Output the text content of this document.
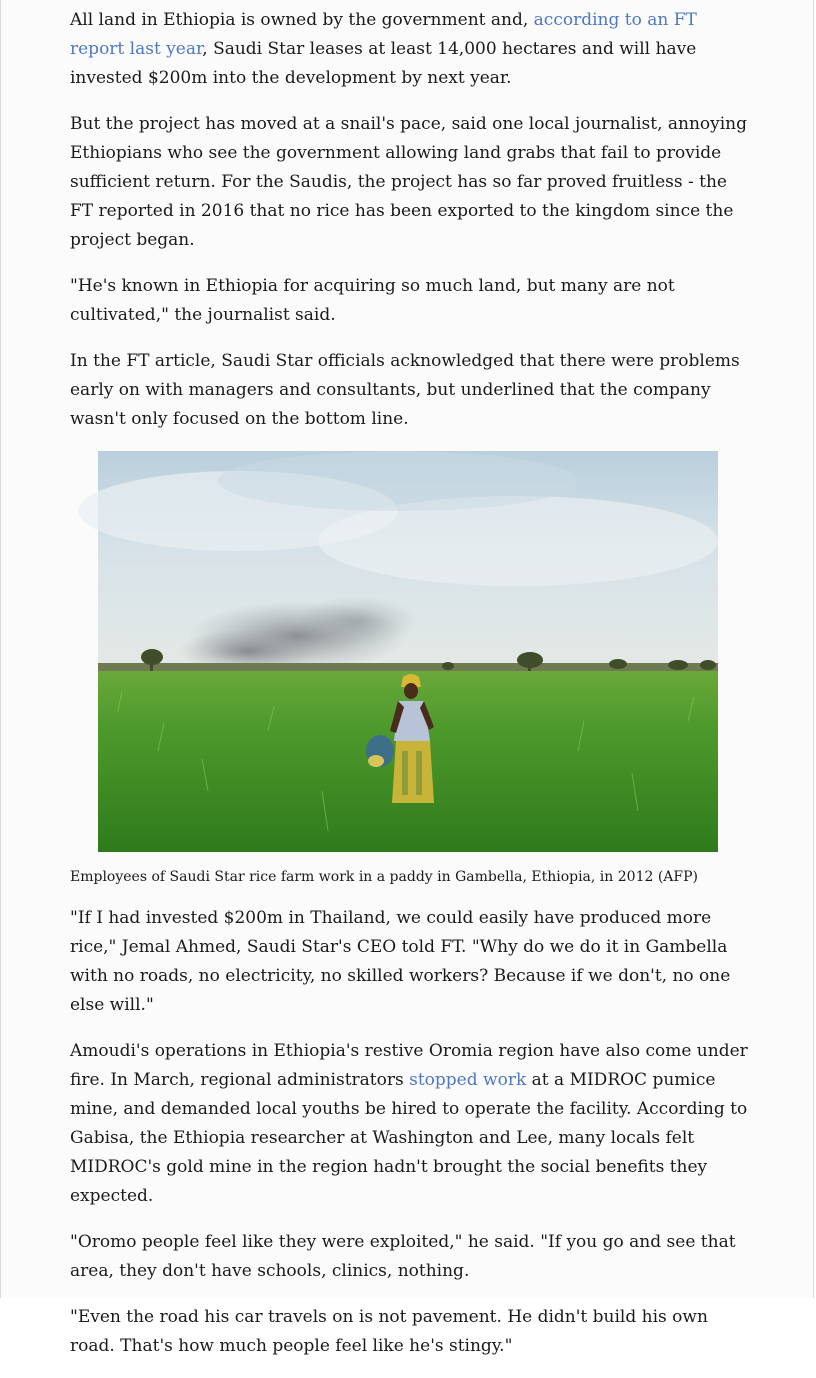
All land in Ethiopia is owned by the government and, according to an FT report last year, Saudi Star leases at least 14,000 hectares and will have invested $200m into the development by next year.

But the project has moved at a snail's pace, said one local journalist, annoying Ethiopians who see the government allowing land grabs that fail to provide sufficient return. For the Saudis, the project has so far proved fruitless - the FT reported in 2016 that no rice has been exported to the kingdom since the project began.

"He's known in Ethiopia for acquiring so much land, but many are not cultivated," the journalist said.

In the FT article, Saudi Star officials acknowledged that there were problems early on with managers and consultants, but underlined that the company wasn't only focused on the bottom line.

Employees of Saudi Star rice farm work in a paddy in Gambella, Ethiopia, in 2012 (AFP)

"If I had invested $200m in Thailand, we could easily have produced more rice," Jemal Ahmed, Saudi Star's CEO told FT. "Why do we do it in Gambella with no roads, no electricity, no skilled workers? Because if we don't, no one else will."

Amoudi's operations in Ethiopia's restive Oromia region have also come under fire. In March, regional administrators stopped work at a MIDROC pumice mine, and demanded local youths be hired to operate the facility. According to Gabisa, the Ethiopia researcher at Washington and Lee, many locals felt MIDROC's gold mine in the region hadn't brought the social benefits they expected.

"Oromo people feel like they were exploited," he said. "If you go and see that area, they don't have schools, clinics, nothing.

"Even the road his car travels on is not pavement. He didn't build his own road. That's how much people feel like he's stingy."
